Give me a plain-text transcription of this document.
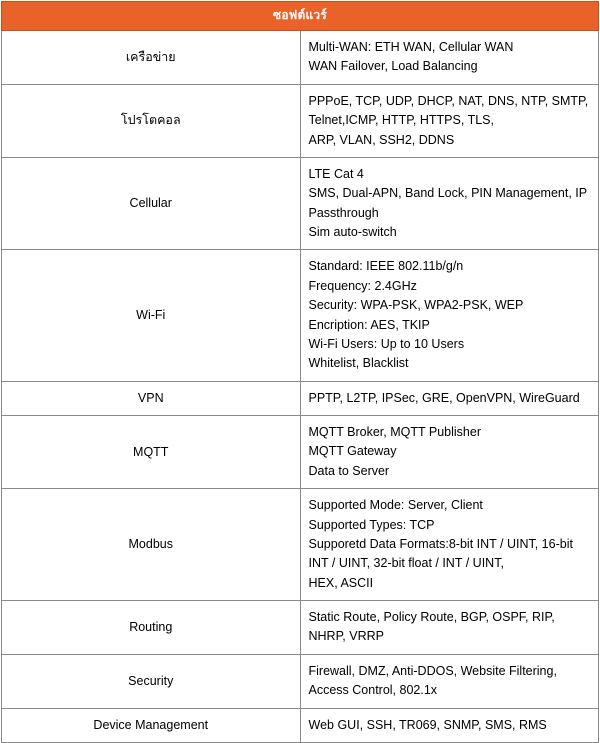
ซอฟต์แวร์	
เครือข่าย	Multi-WAN: ETH WAN, Cellular WAN
WAN Failover, Load Balancing

โปรโตคอล	PPPoE, TCP, UDP, DHCP, NAT, DNS, NTP, SMTP, Telnet,ICMP, HTTP, HTTPS, TLS,
ARP, VLAN, SSH2, DDNS

Cellular	LTE Cat 4
SMS, Dual-APN, Band Lock, PIN Management, IP Passthrough
Sim auto-switch

Wi-Fi	
Standard: IEEE 802.11b/g/n
Frequency: 2.4GHz
Security: WPA-PSK, WPA2-PSK, WEP
Encription: AES, TKIP
Wi-Fi Users: Up to 10 Users
Whitelist, Blacklist

VPN	PPTP, L2TP, IPSec, GRE, OpenVPN, WireGuard

MQTT	MQTT Broker, MQTT Publisher
MQTT Gateway
Data to Server

Modbus	Supported Mode: Server, Client
Supported Types: TCP
Supporetd Data Formats:8-bit INT / UINT, 16-bit INT / UINT, 32-bit float / INT / UINT,
HEX, ASCII

Routing	Static Route, Policy Route, BGP, OSPF, RIP, NHRP, VRRP

Security	Firewall, DMZ, Anti-DDOS, Website Filtering, Access Control, 802.1x

Device Management	Web GUI, SSH, TR069, SNMP, SMS, RMS
